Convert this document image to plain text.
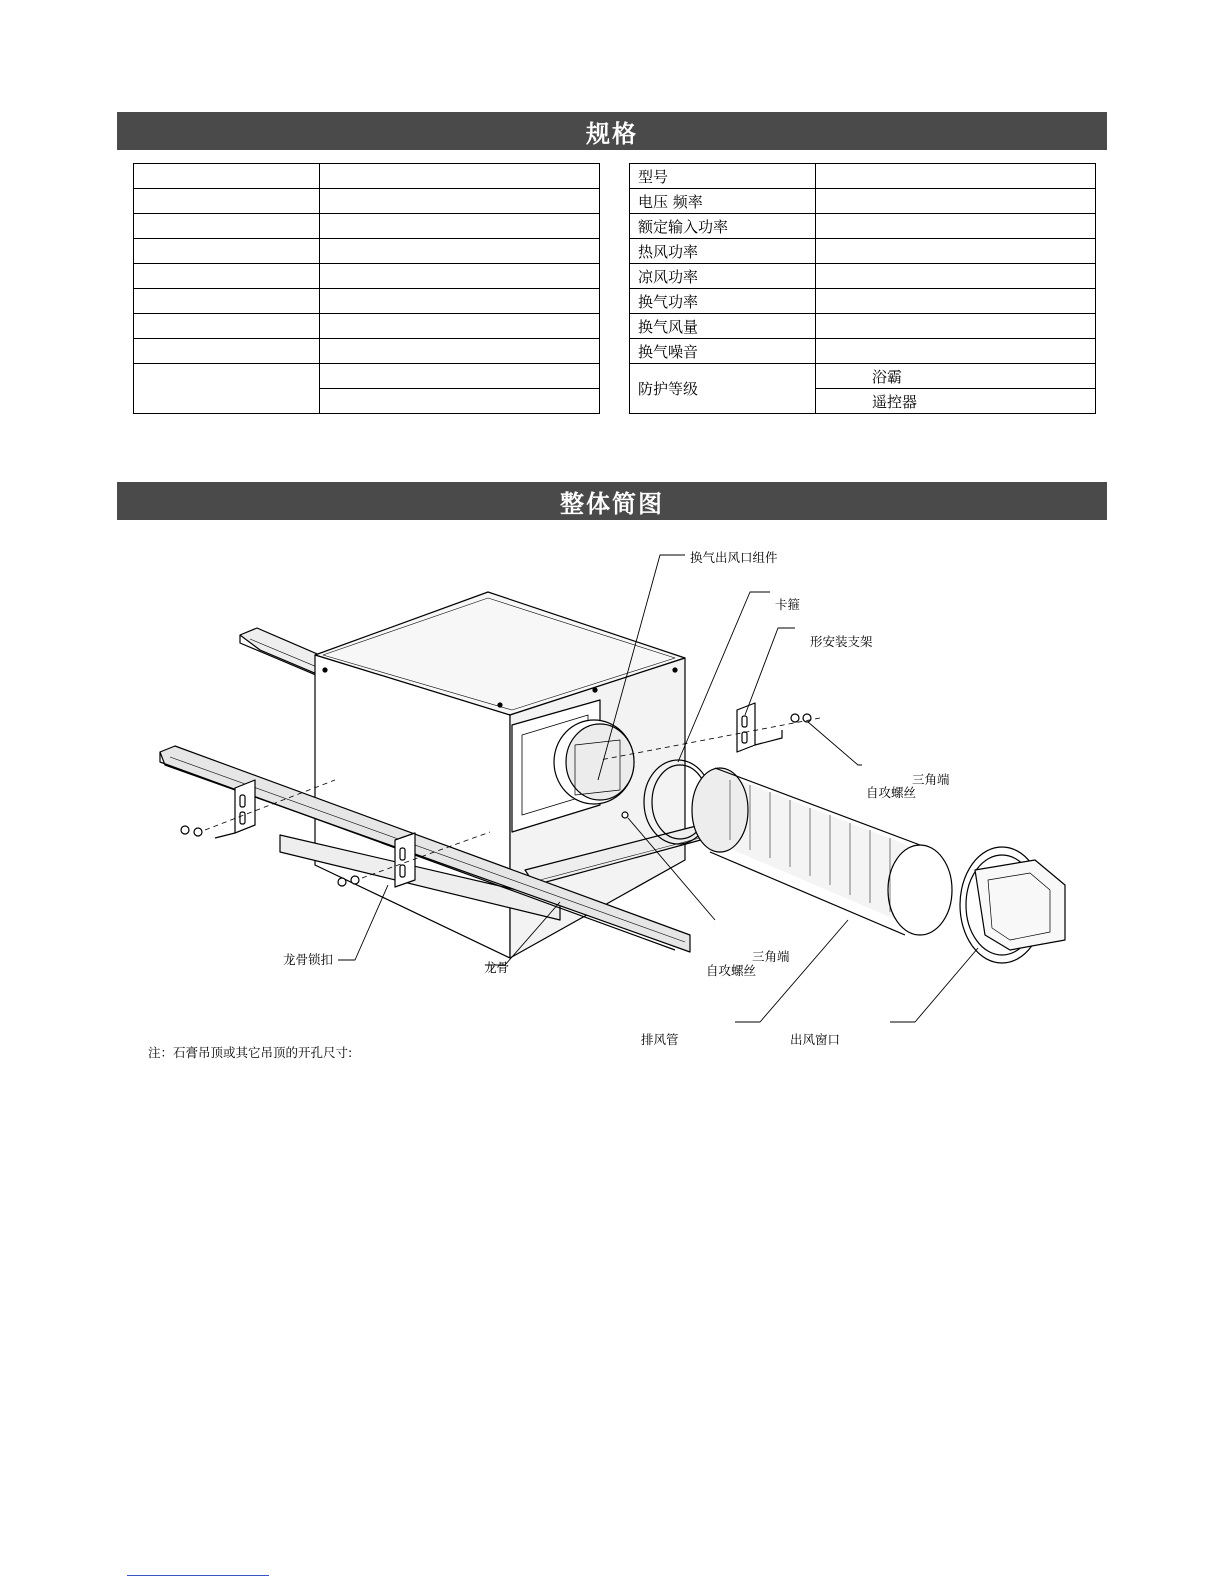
规格

型号	
电压 频率	
额定输入功率	
热风功率	
凉风功率	
换气功率	
换气风量	
换气噪音	
防护等级	浴霸
	遥控器
整体简图
换气出风口组件
卡箍
形安装支架
三角端
自攻螺丝
三角端
自攻螺丝
龙骨锁扣
龙骨
排风管	出风窗口
注：石膏吊顶或其它吊顶的开孔尺寸:
